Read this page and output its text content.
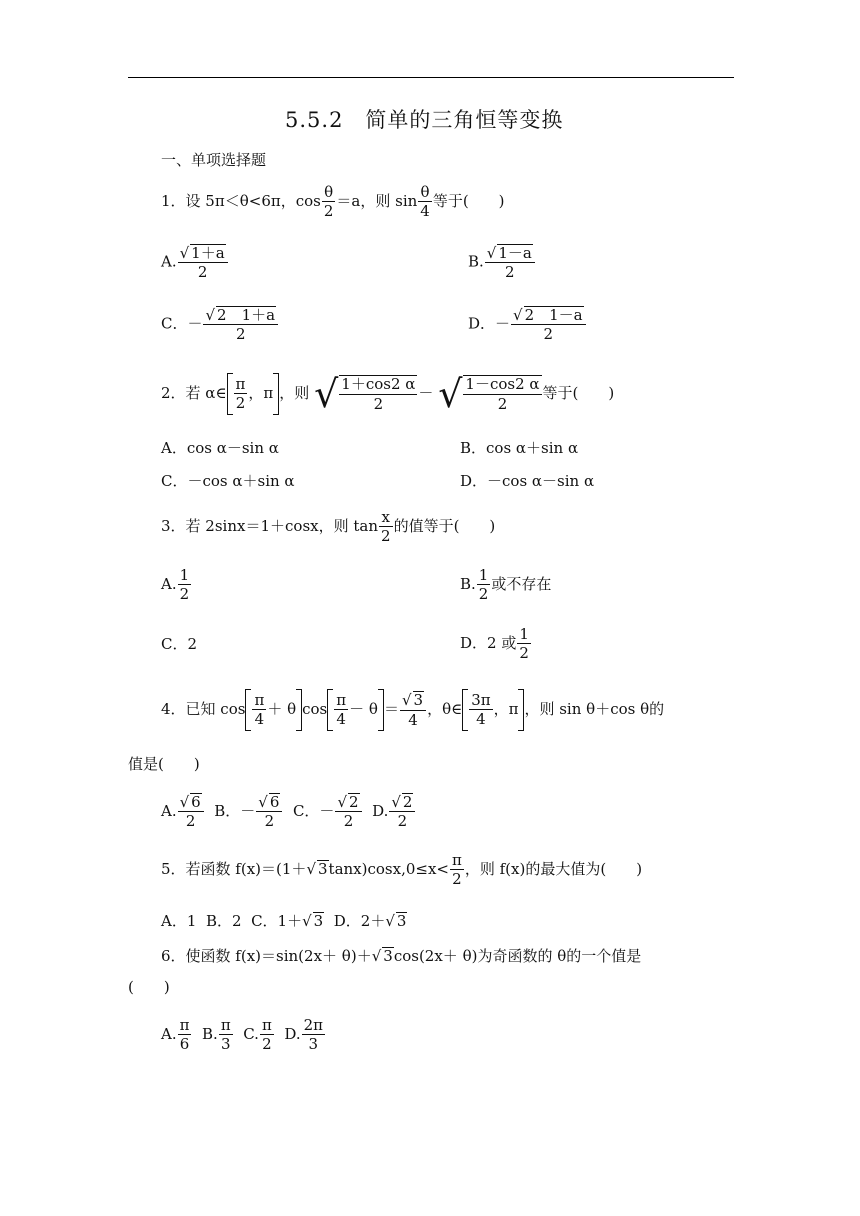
5.5.2　简单的三角恒等变换
一、单项选择题
1．设 5π＜θ<6π，$\cos \frac{\theta}{2} =a$，则 $\sin \frac{\theta}{4}$ 等于(　　)
A. $\frac{√ 1+a}{2}$	B. $\frac{√ 1-a}{2}$
C．－ $\frac{√ 2 1+a}{2}$	D．－ $\frac{√ 2 1-a}{2}$
2．若 α∈ $\frac{\pi}{2}$ ，π ，则 √ $\frac{1+\cos 2 \alpha}{2}$ － √ $\frac{1-\cos 2 \alpha}{2}$ 等于(　　)
A．cos α－sin α	B．cos α＋sin α
C．－cos α＋sin α	D．－cos α－sin α
3．若 2sinx＝1＋cosx，则 $\tan \frac{x}{2}$ 的值等于(　　)
A. $\frac{1}{2}$	B. $\frac{1}{2}$ 或不存在
C．2	D．2 或 $\frac{1}{2}$
4．已知 $\cos \frac{\pi}{4} + \theta$ $\cos \frac{\pi}{4} - \theta = \frac{√ 3}{4}$ ，θ∈ $\frac{3\pi}{4}$ ，π ，则 sin θ＋cos θ的
值是(　　)
A. $\frac{√ 6}{2}$ B．－ $\frac{√ 6}{2}$ C．－ $\frac{√ 2}{2} D$. $\frac{√ 2}{2}$
5．若函数 f(x)＝(1＋√ $3\tan x)\cos x,0\le x< \frac{\pi}{2}$ ，则 f(x)的最大值为(　　)
A．1 B．2 C．1＋√ 3 D．2＋√ 3
6．使函数 f(x)＝sin(2x＋ θ)＋√ 3cos(2x＋ θ)为奇函数的 θ的一个值是
(　　)
A. $\frac{\pi}{6} B$. $\frac{\pi}{3} C$. $\frac{\pi}{2} D$. $\frac{2\pi}{3}$
